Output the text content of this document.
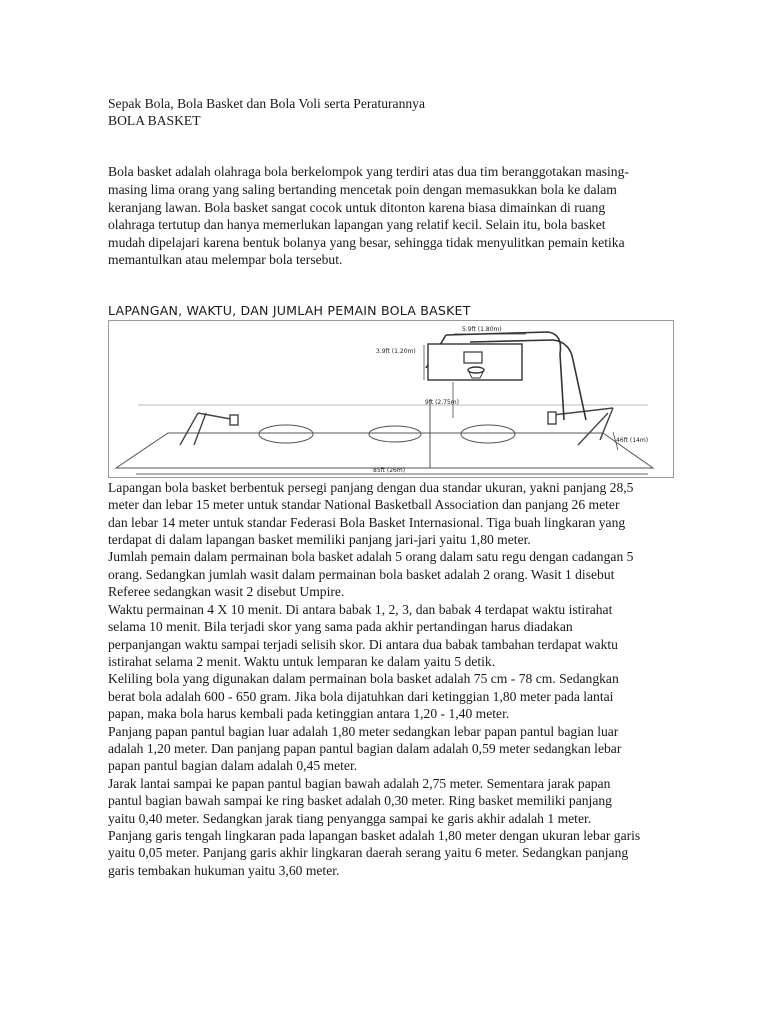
Sepak Bola, Bola Basket dan Bola Voli serta Peraturannya
BOLA BASKET
Bola basket adalah olahraga bola berkelompok yang terdiri atas dua tim beranggotakan masing-
masing lima orang yang saling bertanding mencetak poin dengan memasukkan bola ke dalam
keranjang lawan. Bola basket sangat cocok untuk ditonton karena biasa dimainkan di ruang
olahraga tertutup dan hanya memerlukan lapangan yang relatif kecil. Selain itu, bola basket
mudah dipelajari karena bentuk bolanya yang besar, sehingga tidak menyulitkan pemain ketika
memantulkan atau melempar bola tersebut.
LAPANGAN, WAKTU, DAN JUMLAH PEMAIN BOLA BASKET
5.9ft (1.80m)
3.9ft (1.20m)
9ft (2.75m)
46ft (14m)
85ft (26m)
Lapangan bola basket berbentuk persegi panjang dengan dua standar ukuran, yakni panjang 28,5
meter dan lebar 15 meter untuk standar National Basketball Association dan panjang 26 meter
dan lebar 14 meter untuk standar Federasi Bola Basket Internasional. Tiga buah lingkaran yang
terdapat di dalam lapangan basket memiliki panjang jari-jari yaitu 1,80 meter.
Jumlah pemain dalam permainan bola basket adalah 5 orang dalam satu regu dengan cadangan 5
orang. Sedangkan jumlah wasit dalam permainan bola basket adalah 2 orang. Wasit 1 disebut
Referee sedangkan wasit 2 disebut Umpire.
Waktu permainan 4 X 10 menit. Di antara babak 1, 2, 3, dan babak 4 terdapat waktu istirahat
selama 10 menit. Bila terjadi skor yang sama pada akhir pertandingan harus diadakan
perpanjangan waktu sampai terjadi selisih skor. Di antara dua babak tambahan terdapat waktu
istirahat selama 2 menit. Waktu untuk lemparan ke dalam yaitu 5 detik.
Keliling bola yang digunakan dalam permainan bola basket adalah 75 cm - 78 cm. Sedangkan
berat bola adalah 600 - 650 gram. Jika bola dijatuhkan dari ketinggian 1,80 meter pada lantai
papan, maka bola harus kembali pada ketinggian antara 1,20 - 1,40 meter.
Panjang papan pantul bagian luar adalah 1,80 meter sedangkan lebar papan pantul bagian luar
adalah 1,20 meter. Dan panjang papan pantul bagian dalam adalah 0,59 meter sedangkan lebar
papan pantul bagian dalam adalah 0,45 meter.
Jarak lantai sampai ke papan pantul bagian bawah adalah 2,75 meter. Sementara jarak papan
pantul bagian bawah sampai ke ring basket adalah 0,30 meter. Ring basket memiliki panjang
yaitu 0,40 meter. Sedangkan jarak tiang penyangga sampai ke garis akhir adalah 1 meter.
Panjang garis tengah lingkaran pada lapangan basket adalah 1,80 meter dengan ukuran lebar garis
yaitu 0,05 meter. Panjang garis akhir lingkaran daerah serang yaitu 6 meter. Sedangkan panjang
garis tembakan hukuman yaitu 3,60 meter.
